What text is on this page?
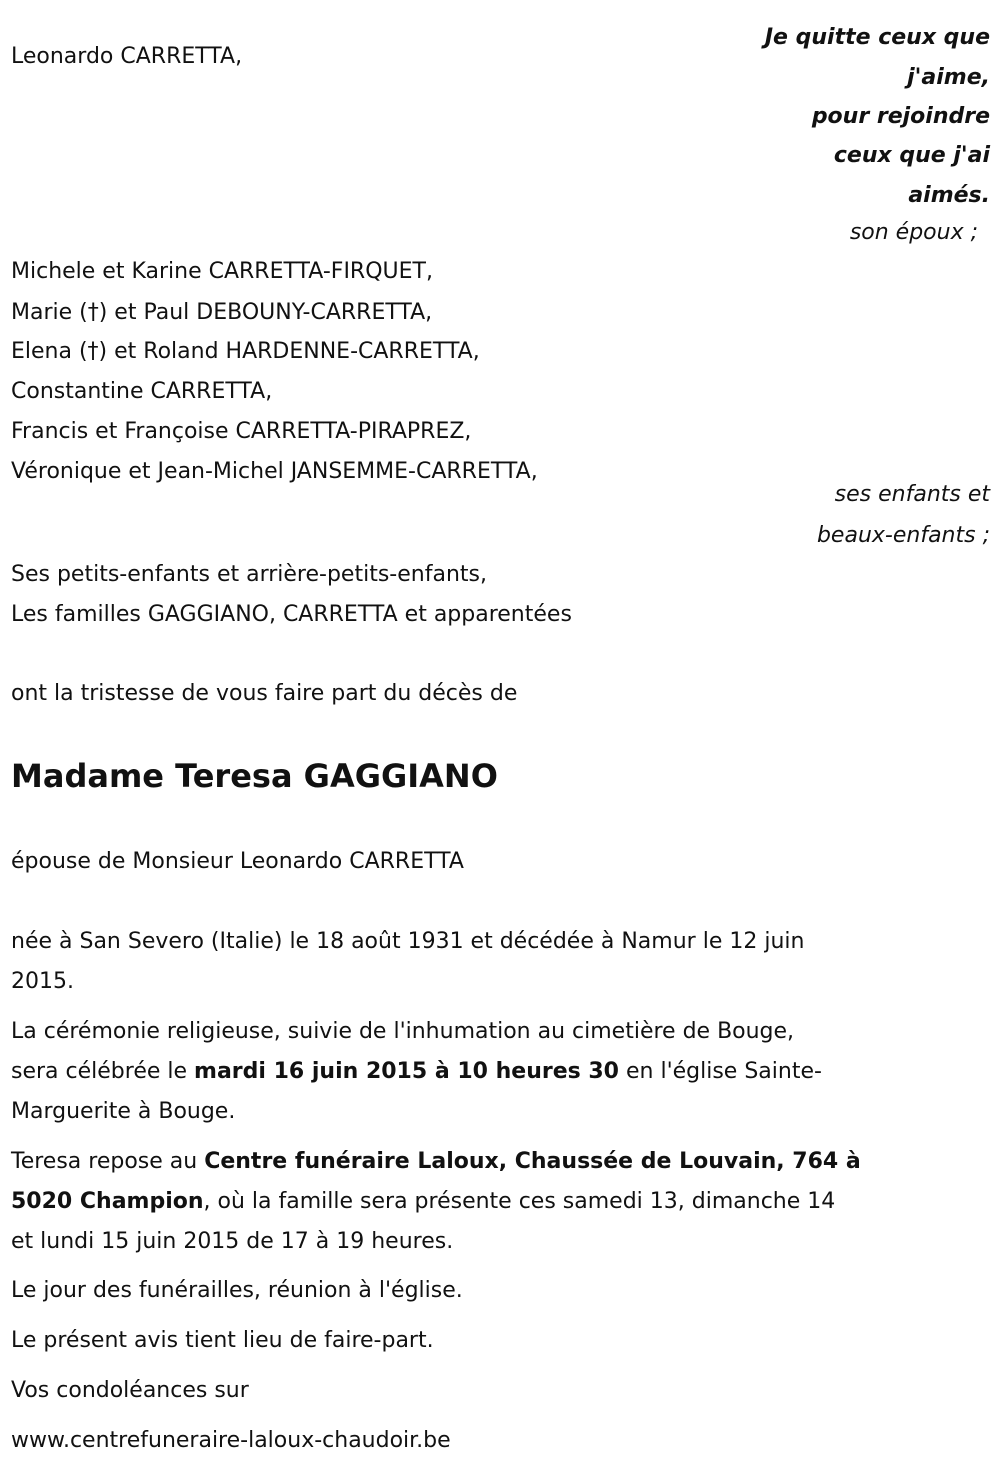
Leonardo CARRETTA,
Je quitte ceux que
j'aime,
pour rejoindre
ceux que j'ai
aimés.
son époux ;
Michele et Karine CARRETTA-FIRQUET,
Marie (†) et Paul DEBOUNY-CARRETTA,
Elena (†) et Roland HARDENNE-CARRETTA,
Constantine CARRETTA,
Francis et Françoise CARRETTA-PIRAPREZ,
Véronique et Jean-Michel JANSEMME-CARRETTA,
ses enfants et
beaux-enfants ;
Ses petits-enfants et arrière-petits-enfants,
Les familles GAGGIANO, CARRETTA et apparentées
ont la tristesse de vous faire part du décès de
Madame Teresa GAGGIANO
épouse de Monsieur Leonardo CARRETTA
née à San Severo (Italie) le 18 août 1931 et décédée à Namur le 12 juin
2015.
La cérémonie religieuse, suivie de l'inhumation au cimetière de Bouge,
sera célébrée le mardi 16 juin 2015 à 10 heures 30 en l'église Sainte-
Marguerite à Bouge.
Teresa repose au Centre funéraire Laloux, Chaussée de Louvain, 764 à
5020 Champion, où la famille sera présente ces samedi 13, dimanche 14
et lundi 15 juin 2015 de 17 à 19 heures.
Le jour des funérailles, réunion à l'église.
Le présent avis tient lieu de faire-part.
Vos condoléances sur
www.centrefuneraire-laloux-chaudoir.be
